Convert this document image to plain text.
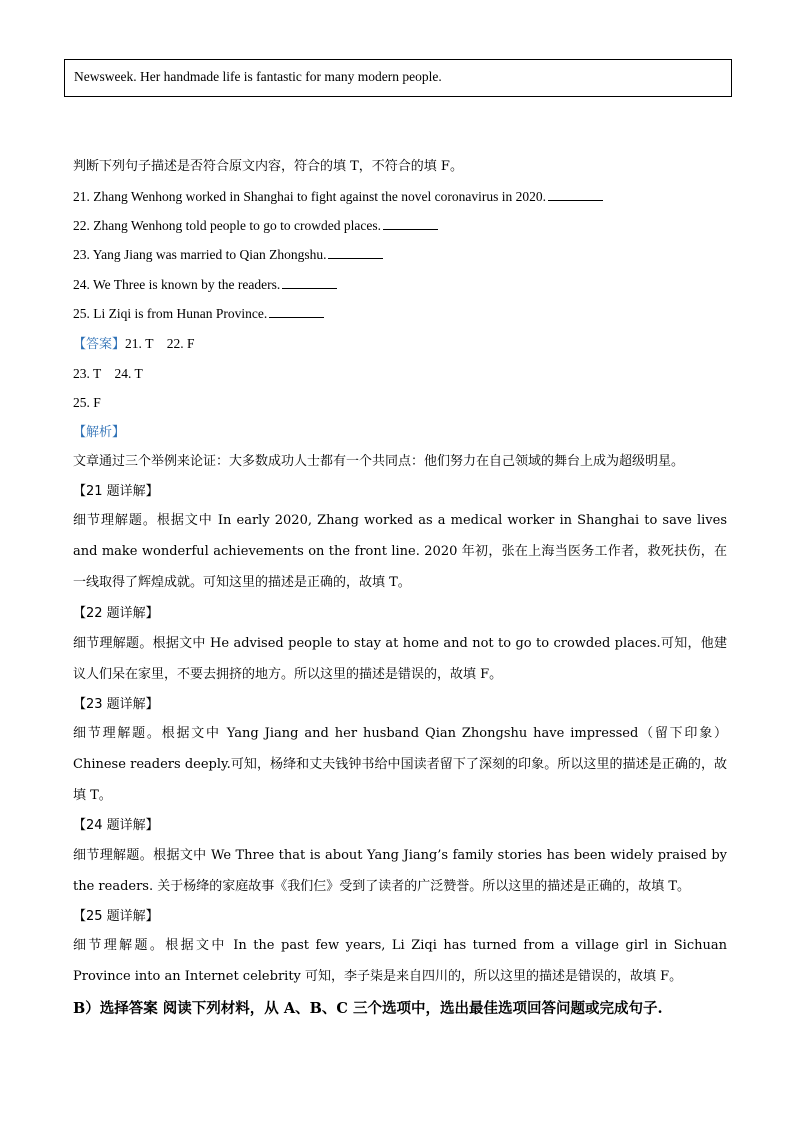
Newsweek. Her handmade life is fantastic for many modern people.
判断下列句子描述是否符合原文内容，符合的填 T，不符合的填 F。
21. Zhang Wenhong worked in Shanghai to fight against the novel coronavirus in 2020.
22. Zhang Wenhong told people to go to crowded places.
23. Yang Jiang was married to Qian Zhongshu.
24. We Three is known by the readers.
25. Li Ziqi is from Hunan Province.
【答案】21. T    22. F
23. T    24. T
25. F
【解析】
文章通过三个举例来论证：大多数成功人士都有一个共同点：他们努力在自己领域的舞台上成为超级明星。
【21 题详解】
细节理解题。根据文中 In early 2020, Zhang worked as a medical worker in Shanghai to save lives and make wonderful achievements on the front line. 2020 年初，张在上海当医务工作者，救死扶伤，在一线取得了辉煌成就。可知这里的描述是正确的，故填 T。
【22 题详解】
细节理解题。根据文中 He advised people to stay at home and not to go to crowded places.可知，他建议人们呆在家里，不要去拥挤的地方。所以这里的描述是错误的，故填 F。
【23 题详解】
细节理解题。根据文中 Yang Jiang and her husband Qian Zhongshu have impressed（留下印象） Chinese readers deeply.可知，杨绛和丈夫钱钟书给中国读者留下了深刻的印象。所以这里的描述是正确的，故填 T。
【24 题详解】
细节理解题。根据文中 We Three that is about Yang Jiang’s family stories has been widely praised by the readers. 关于杨绛的家庭故事《我们仨》受到了读者的广泛赞誉。所以这里的描述是正确的，故填 T。
【25 题详解】
细节理解题。根据文中 In the past few years, Li Ziqi has turned from a village girl in Sichuan Province into an Internet celebrity 可知，李子柒是来自四川的，所以这里的描述是错误的，故填 F。
B）选择答案 阅读下列材料，从 A、B、C 三个选项中，选出最佳选项回答问题或完成句子.
